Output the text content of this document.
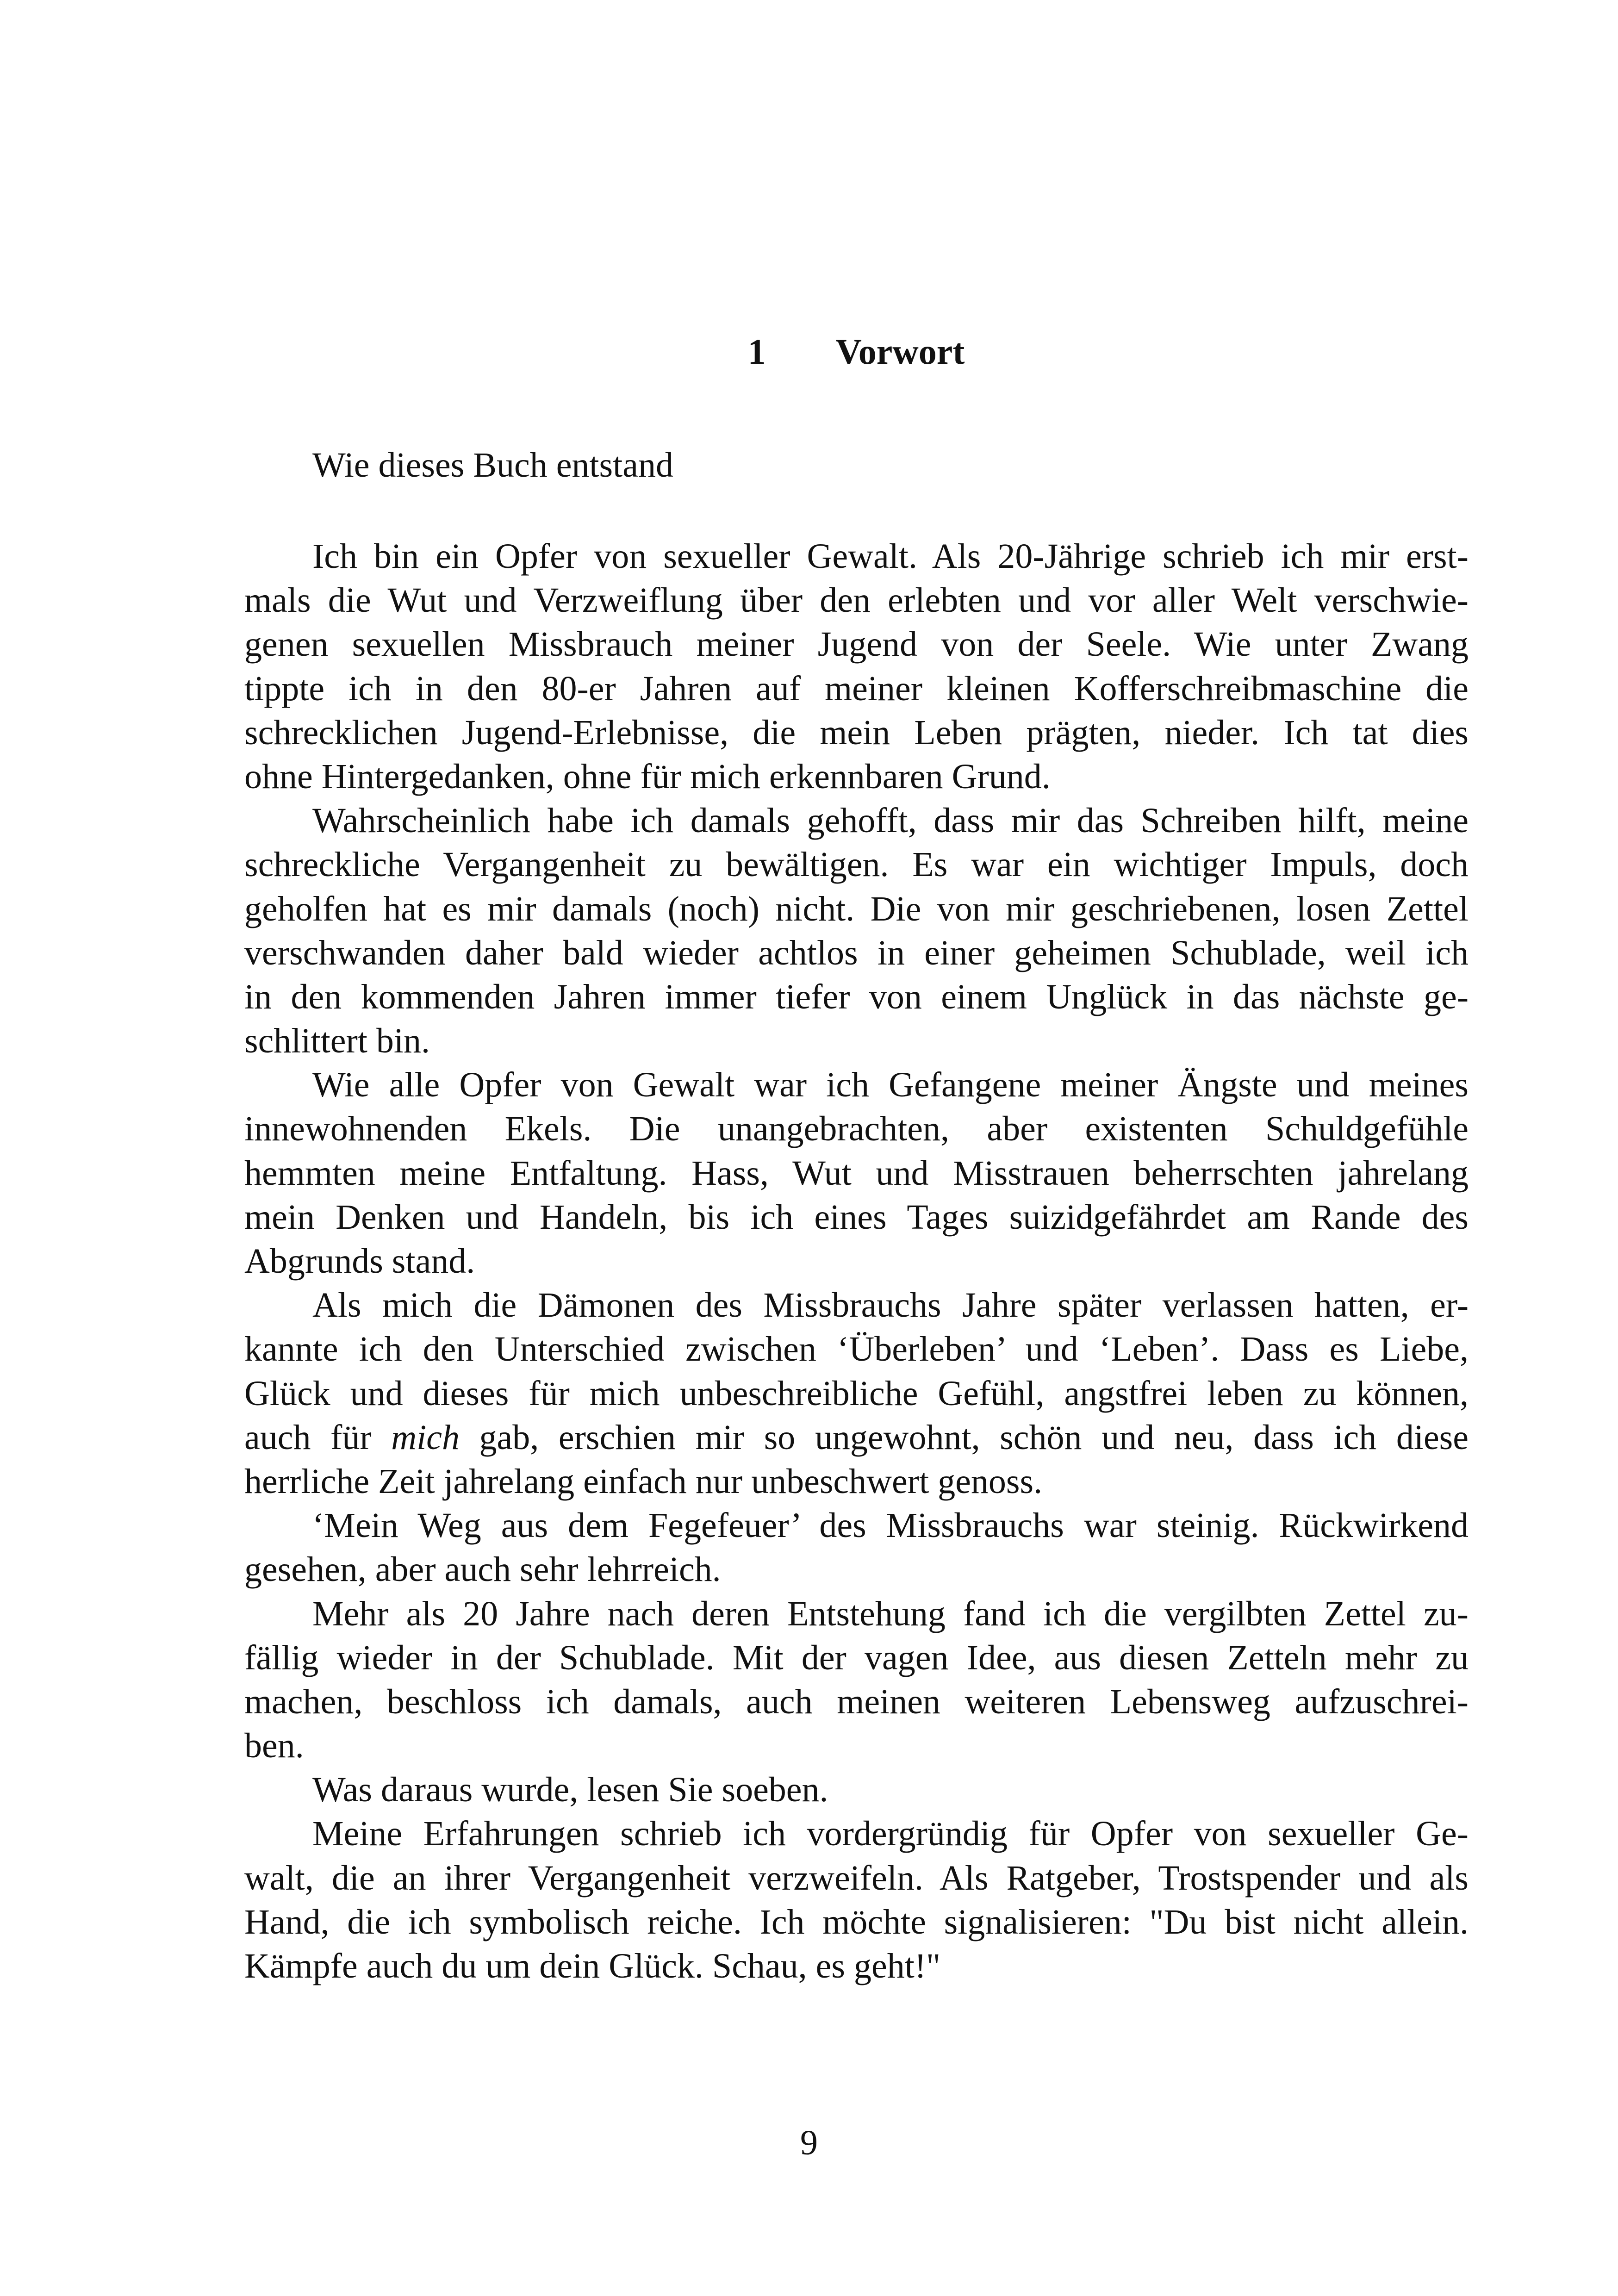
1 Vorwort
Wie dieses Buch entstand
Ich bin ein Opfer von sexueller Gewalt. Als 20-Jährige schrieb ich mir erst-
mals die Wut und Verzweiflung über den erlebten und vor aller Welt verschwie-
genen sexuellen Missbrauch meiner Jugend von der Seele. Wie unter Zwang
tippte ich in den 80-er Jahren auf meiner kleinen Kofferschreibmaschine die
schrecklichen Jugend-Erlebnisse, die mein Leben prägten, nieder. Ich tat dies
ohne Hintergedanken, ohne für mich erkennbaren Grund.
Wahrscheinlich habe ich damals gehofft, dass mir das Schreiben hilft, meine
schreckliche Vergangenheit zu bewältigen. Es war ein wichtiger Impuls, doch
geholfen hat es mir damals (noch) nicht. Die von mir geschriebenen, losen Zettel
verschwanden daher bald wieder achtlos in einer geheimen Schublade, weil ich
in den kommenden Jahren immer tiefer von einem Unglück in das nächste ge-
schlittert bin.
Wie alle Opfer von Gewalt war ich Gefangene meiner Ängste und meines
innewohnenden Ekels. Die unangebrachten, aber existenten Schuldgefühle
hemmten meine Entfaltung. Hass, Wut und Misstrauen beherrschten jahrelang
mein Denken und Handeln, bis ich eines Tages suizidgefährdet am Rande des
Abgrunds stand.
Als mich die Dämonen des Missbrauchs Jahre später verlassen hatten, er-
kannte ich den Unterschied zwischen ‘Überleben’ und ‘Leben’. Dass es Liebe,
Glück und dieses für mich unbeschreibliche Gefühl, angstfrei leben zu können,
auch für mich gab, erschien mir so ungewohnt, schön und neu, dass ich diese
herrliche Zeit jahrelang einfach nur unbeschwert genoss.
‘Mein Weg aus dem Fegefeuer’ des Missbrauchs war steinig. Rückwirkend
gesehen, aber auch sehr lehrreich.
Mehr als 20 Jahre nach deren Entstehung fand ich die vergilbten Zettel zu-
fällig wieder in der Schublade. Mit der vagen Idee, aus diesen Zetteln mehr zu
machen, beschloss ich damals, auch meinen weiteren Lebensweg aufzuschrei-
ben.
Was daraus wurde, lesen Sie soeben.
Meine Erfahrungen schrieb ich vordergründig für Opfer von sexueller Ge-
walt, die an ihrer Vergangenheit verzweifeln. Als Ratgeber, Trostspender und als
Hand, die ich symbolisch reiche. Ich möchte signalisieren: "Du bist nicht allein.
Kämpfe auch du um dein Glück. Schau, es geht!"
9
